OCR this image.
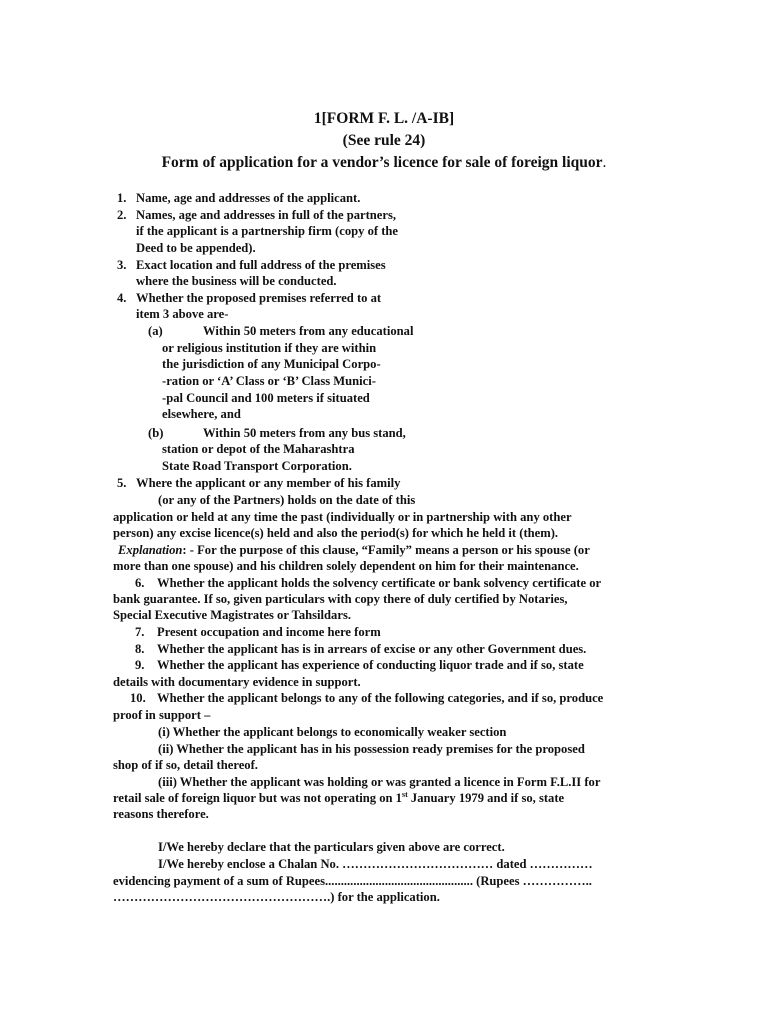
1[FORM F. L. /A-IB]
(See rule 24)
Form of application for a vendor’s licence for sale of foreign liquor.
1. Name, age and addresses of the applicant.
2. Names, age and addresses in full of the partners,
if the applicant is a partnership firm (copy of the
Deed to be appended).
3. Exact location and full address of the premises
where the business will be conducted.
4. Whether the proposed premises referred to at
item 3 above are-
(a)	Within 50 meters from any educational
or religious institution if they are within
the jurisdiction of any Municipal Corpo-
-ration or ‘A’ Class or ‘B’ Class Munici-
-pal Council and 100 meters if situated
elsewhere, and
(b)	Within 50 meters from any bus stand,
station or depot of the Maharashtra
State Road Transport Corporation.
5. Where the applicant or any member of his family
(or any of the Partners) holds on the date of this
application or held at any time the past (individually or in partnership with any other
person) any excise licence(s) held and also the period(s) for which he held it (them).
Explanation: - For the purpose of this clause, “Family” means a person or his spouse (or
more than one spouse) and his children solely dependent on him for their maintenance.
6. Whether the applicant holds the solvency certificate or bank solvency certificate or
bank guarantee. If so, given particulars with copy there of duly certified by Notaries,
Special Executive Magistrates or Tahsildars.
7. Present occupation and income here form
8. Whether the applicant has is in arrears of excise or any other Government dues.
9. Whether the applicant has experience of conducting liquor trade and if so, state
details with documentary evidence in support.
10. Whether the applicant belongs to any of the following categories, and if so, produce
proof in support –
(i) Whether the applicant belongs to economically weaker section
(ii) Whether the applicant has in his possession ready premises for the proposed
shop of if so, detail thereof.
(iii) Whether the applicant was holding or was granted a licence in Form F.L.II for
retail sale of foreign liquor but was not operating on 1st January 1979 and if so, state
reasons therefore.
I/We hereby declare that the particulars given above are correct.
I/We hereby enclose a Chalan No. ……………………………… dated ……………
evidencing payment of a sum of Rupees............................................... (Rupees ……………..
…………………………………………….) for the application.
